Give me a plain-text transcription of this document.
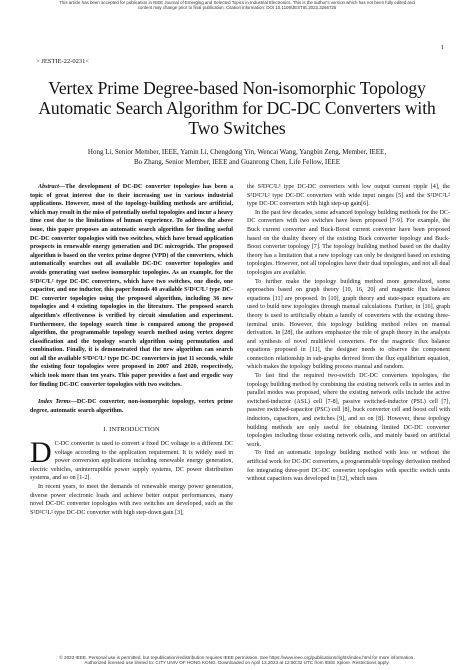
This article has been accepted for publication in IEEE Journal of Emerging and Selected Topics in Industrial Electronics. This is the author's version which has not been fully edited and
content may change prior to final publication. Citation information: DOI 10.1109/JESTIE.2023.3266725
1
> JESTIE-22-0231<
Vertex Prime Degree-based Non-isomorphic Topology Automatic Search Algorithm for DC-DC Converters with Two Switches
Hong Li, Senior Member, IEEE, Yamin Li, Chengdong Yin, Wencai Wang, Yangbin Zeng, Member, IEEE,
Bo Zhang, Senior Member, IEEE and Guanrong Chen, Life Fellow, IEEE

Abstract—The development of DC-DC converter topologies has been a topic of great interest due to their increasing use in various industrial applications. However, most of the topology-building methods are artificial, which may result in the miss of potentially useful topologies and incur a heavy time cost due to the limitations of human experience. To address the above issue, this paper proposes an automatic search algorithm for finding useful DC-DC converter topologies with two switches, which have broad application prospects in renewable energy generation and DC microgrids. The proposed algorithm is based on the vertex prime degree (VPD) of the converters, which automatically searches out all available DC-DC converter topologies and avoids generating vast useless isomorphic topologies. As an example, for the S²D²C²L² type DC-DC converters, which have two switches, one diode, one capacitor, and one inductor, this paper founds 40 available S²D²C²L² type DC-DC converter topologies using the proposed algorithm, including 36 new topologies and 4 existing topologies in the literature. The proposed search algorithm's effectiveness is verified by circuit simulation and experiment. Furthermore, the topology search time is compared among the proposed algorithm, the programmable topology search method using vertex degree classification and the topology search algorithm using permutation and combination. Finally, it is demonstrated that the new algorithm can search out all the available S²D²C²L² type DC-DC converters in just 11 seconds, while the existing four topologies were proposed in 2007 and 2020, respectively, which took more than ten years. This paper provides a fast and ergodic way for finding DC-DC converter topologies with two switches.

Index Terms—DC-DC converter, non-isomorphic topology, vertex prime degree, automatic search algorithm.

I. INTRODUCTION

D C-DC converter is used to convert a fixed DC voltage to a different DC voltage according to the application requirement. It is widely used in power conversion applications including renewable energy generation, electric vehicles, uninterruptible power supply systems, DC power distribution systems, and so on [1-2].

In recent years, to meet the demands of renewable energy power generation, diverse power electronic loads and achieve better output performances, many novel DC-DC converter topologies with two switches are developed, such as the S²D²C²L² type DC-DC converter with high step-down gain [3],

the S²D²C²L³ type DC-DC converters with low output current ripple [4], the S²D²C³L² type DC-DC converters with wide input ranges [5] and the S²D¹C²L² type DC-DC converters with high step-up gain[6].

In the past few decades, some advanced topology building methods for the DC-DC converters with two switches have been proposed [7-9]. For example, the Buck current converter and Buck-Boost current converter have been proposed based on the duality theory of the existing Buck converter topology and Buck-Boost converter topology [7]. The topology building method based on the duality theory has a limitation that a new topology can only be designed based on existing topologies. However, not all topologies have their dual topologies, and not all dual topologies are available.

To further make the topology building method more generalized, some approaches based on graph theory [10, 16, 20] and magnetic flux balance equations [11] are proposed. In [10], graph theory and state-space equations are used to build new topologies through manual calculations. Further, in [16], graph theory is used to artificially obtain a family of converters with the existing three-terminal units. However, this topology building method relies on manual derivation. In [28], the authors emphasize the role of graph theory in the analysis and synthesis of novel multilevel converters. For the magnetic flux balance equations proposed in [11], the designer needs to observe the component connection relationship in sub-graphs derived from the flux equilibrium equation, which makes the topology building process manual and random.

To fast find the required two-switch DC-DC converters topologies, the topology building method by combining the existing network cells in series and in parallel modes was proposed, where the existing network cells include the active switched-inductor (ASL) cell [7-8], passive switched-inductor (PSL) cell [7], passive switched-capacitor (PSC) cell [8], buck converter cell and boost cell with inductors, capacitors, and switches [9], and so on [8]. However, these topology building methods are only useful for obtaining limited DC-DC converter topologies including those existing network cells, and mainly based on artificial work.

To find an automatic topology building method with less or without the artificial work for DC-DC converters, a programmable topology derivation method for integrating three-port DC-DC converter topologies with specific switch units without capacitors was developed in [12], which uses

© 2023 IEEE. Personal use is permitted, but republication/redistribution requires IEEE permission. See https://www.ieee.org/publications/rights/index.html for more information.
Authorized licensed use limited to: CITY UNIV OF HONG KONG. Downloaded on April 13,2023 at 12:50:32 UTC from IEEE Xplore. Restrictions apply.
